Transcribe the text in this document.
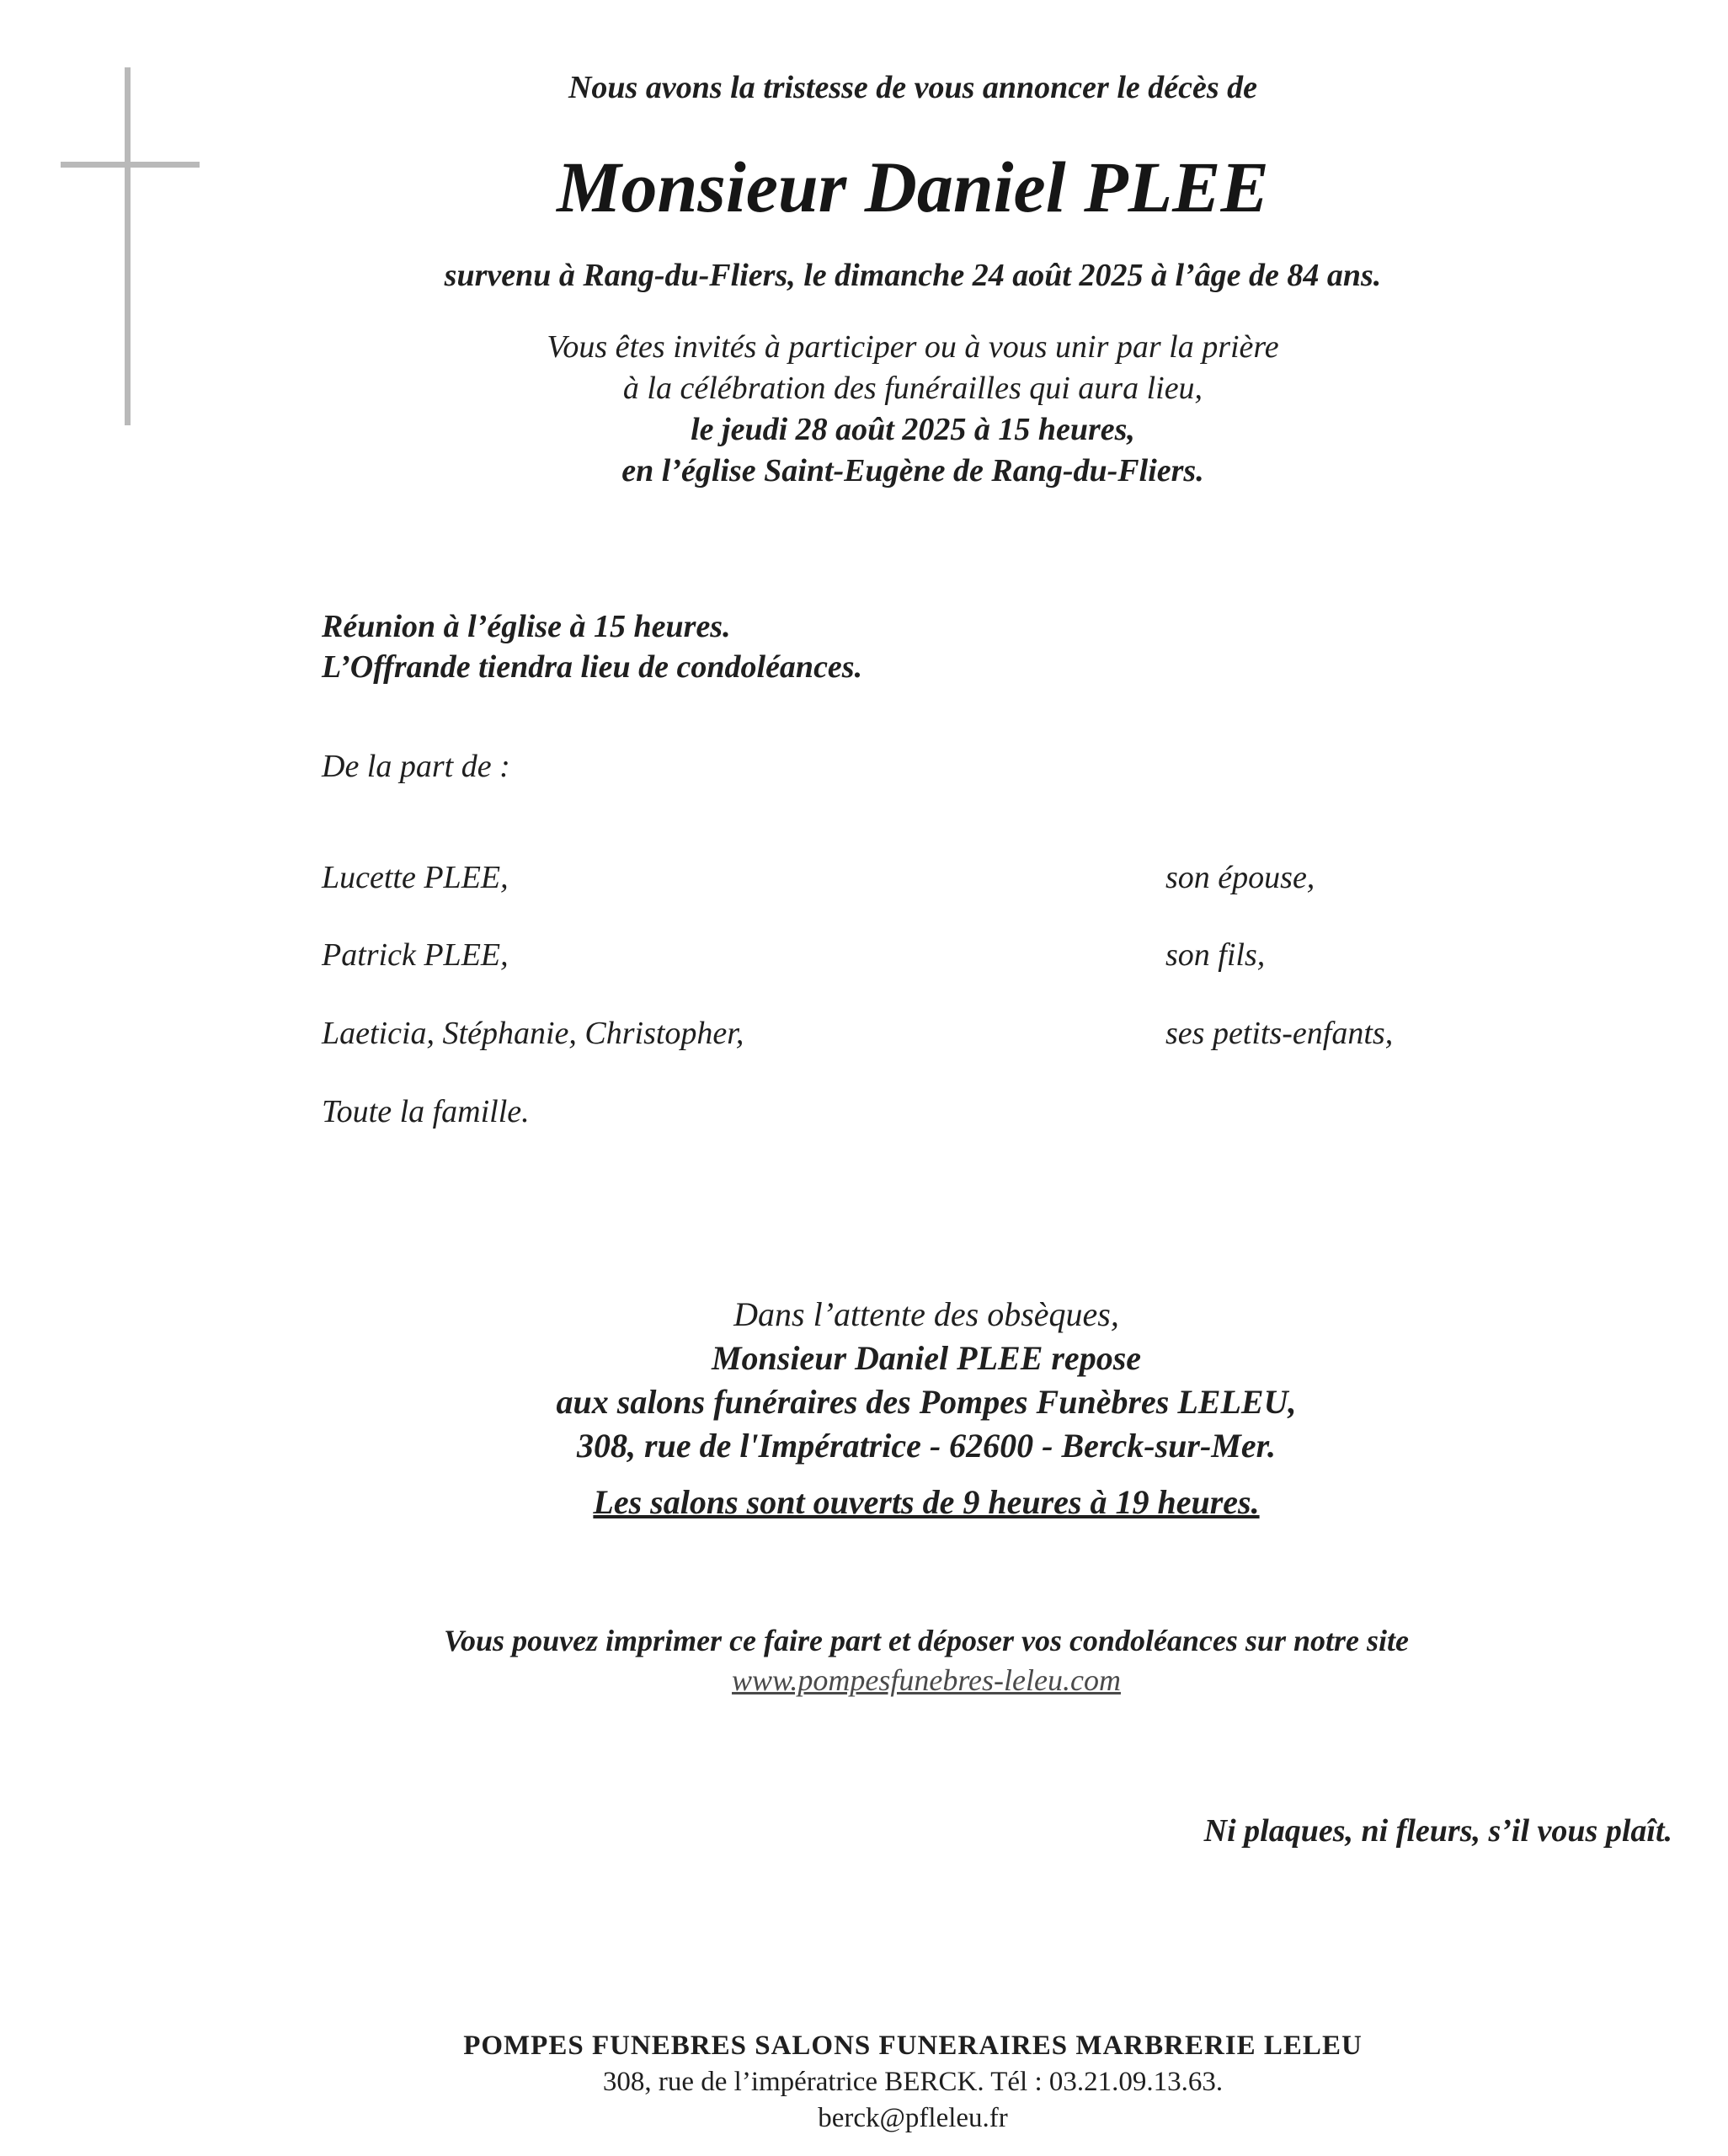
Nous avons la tristesse de vous annoncer le décès de
Monsieur Daniel PLEE
survenu à Rang-du-Fliers, le dimanche 24 août 2025 à l’âge de 84 ans.
Vous êtes invités à participer ou à vous unir par la prière
à la célébration des funérailles qui aura lieu,
le jeudi 28 août 2025 à 15 heures,
en l’église Saint-Eugène de Rang-du-Fliers.
Réunion à l’église à 15 heures.
L’Offrande tiendra lieu de condoléances.
De la part de :
Lucette PLEE,	son épouse,
Patrick PLEE,	son fils,
Laeticia, Stéphanie, Christopher,	ses petits-enfants,
Toute la famille.
Dans l’attente des obsèques,
Monsieur Daniel PLEE repose
aux salons funéraires des Pompes Funèbres LELEU,
308, rue de l'Impératrice - 62600 - Berck-sur-Mer.
Les salons sont ouverts de 9 heures à 19 heures.
Vous pouvez imprimer ce faire part et déposer vos condoléances sur notre site
www.pompesfunebres-leleu.com
Ni plaques, ni fleurs, s’il vous plaît.
POMPES FUNEBRES SALONS FUNERAIRES MARBRERIE LELEU
308, rue de l’impératrice BERCK. Tél : 03.21.09.13.63.
berck@pfleleu.fr
